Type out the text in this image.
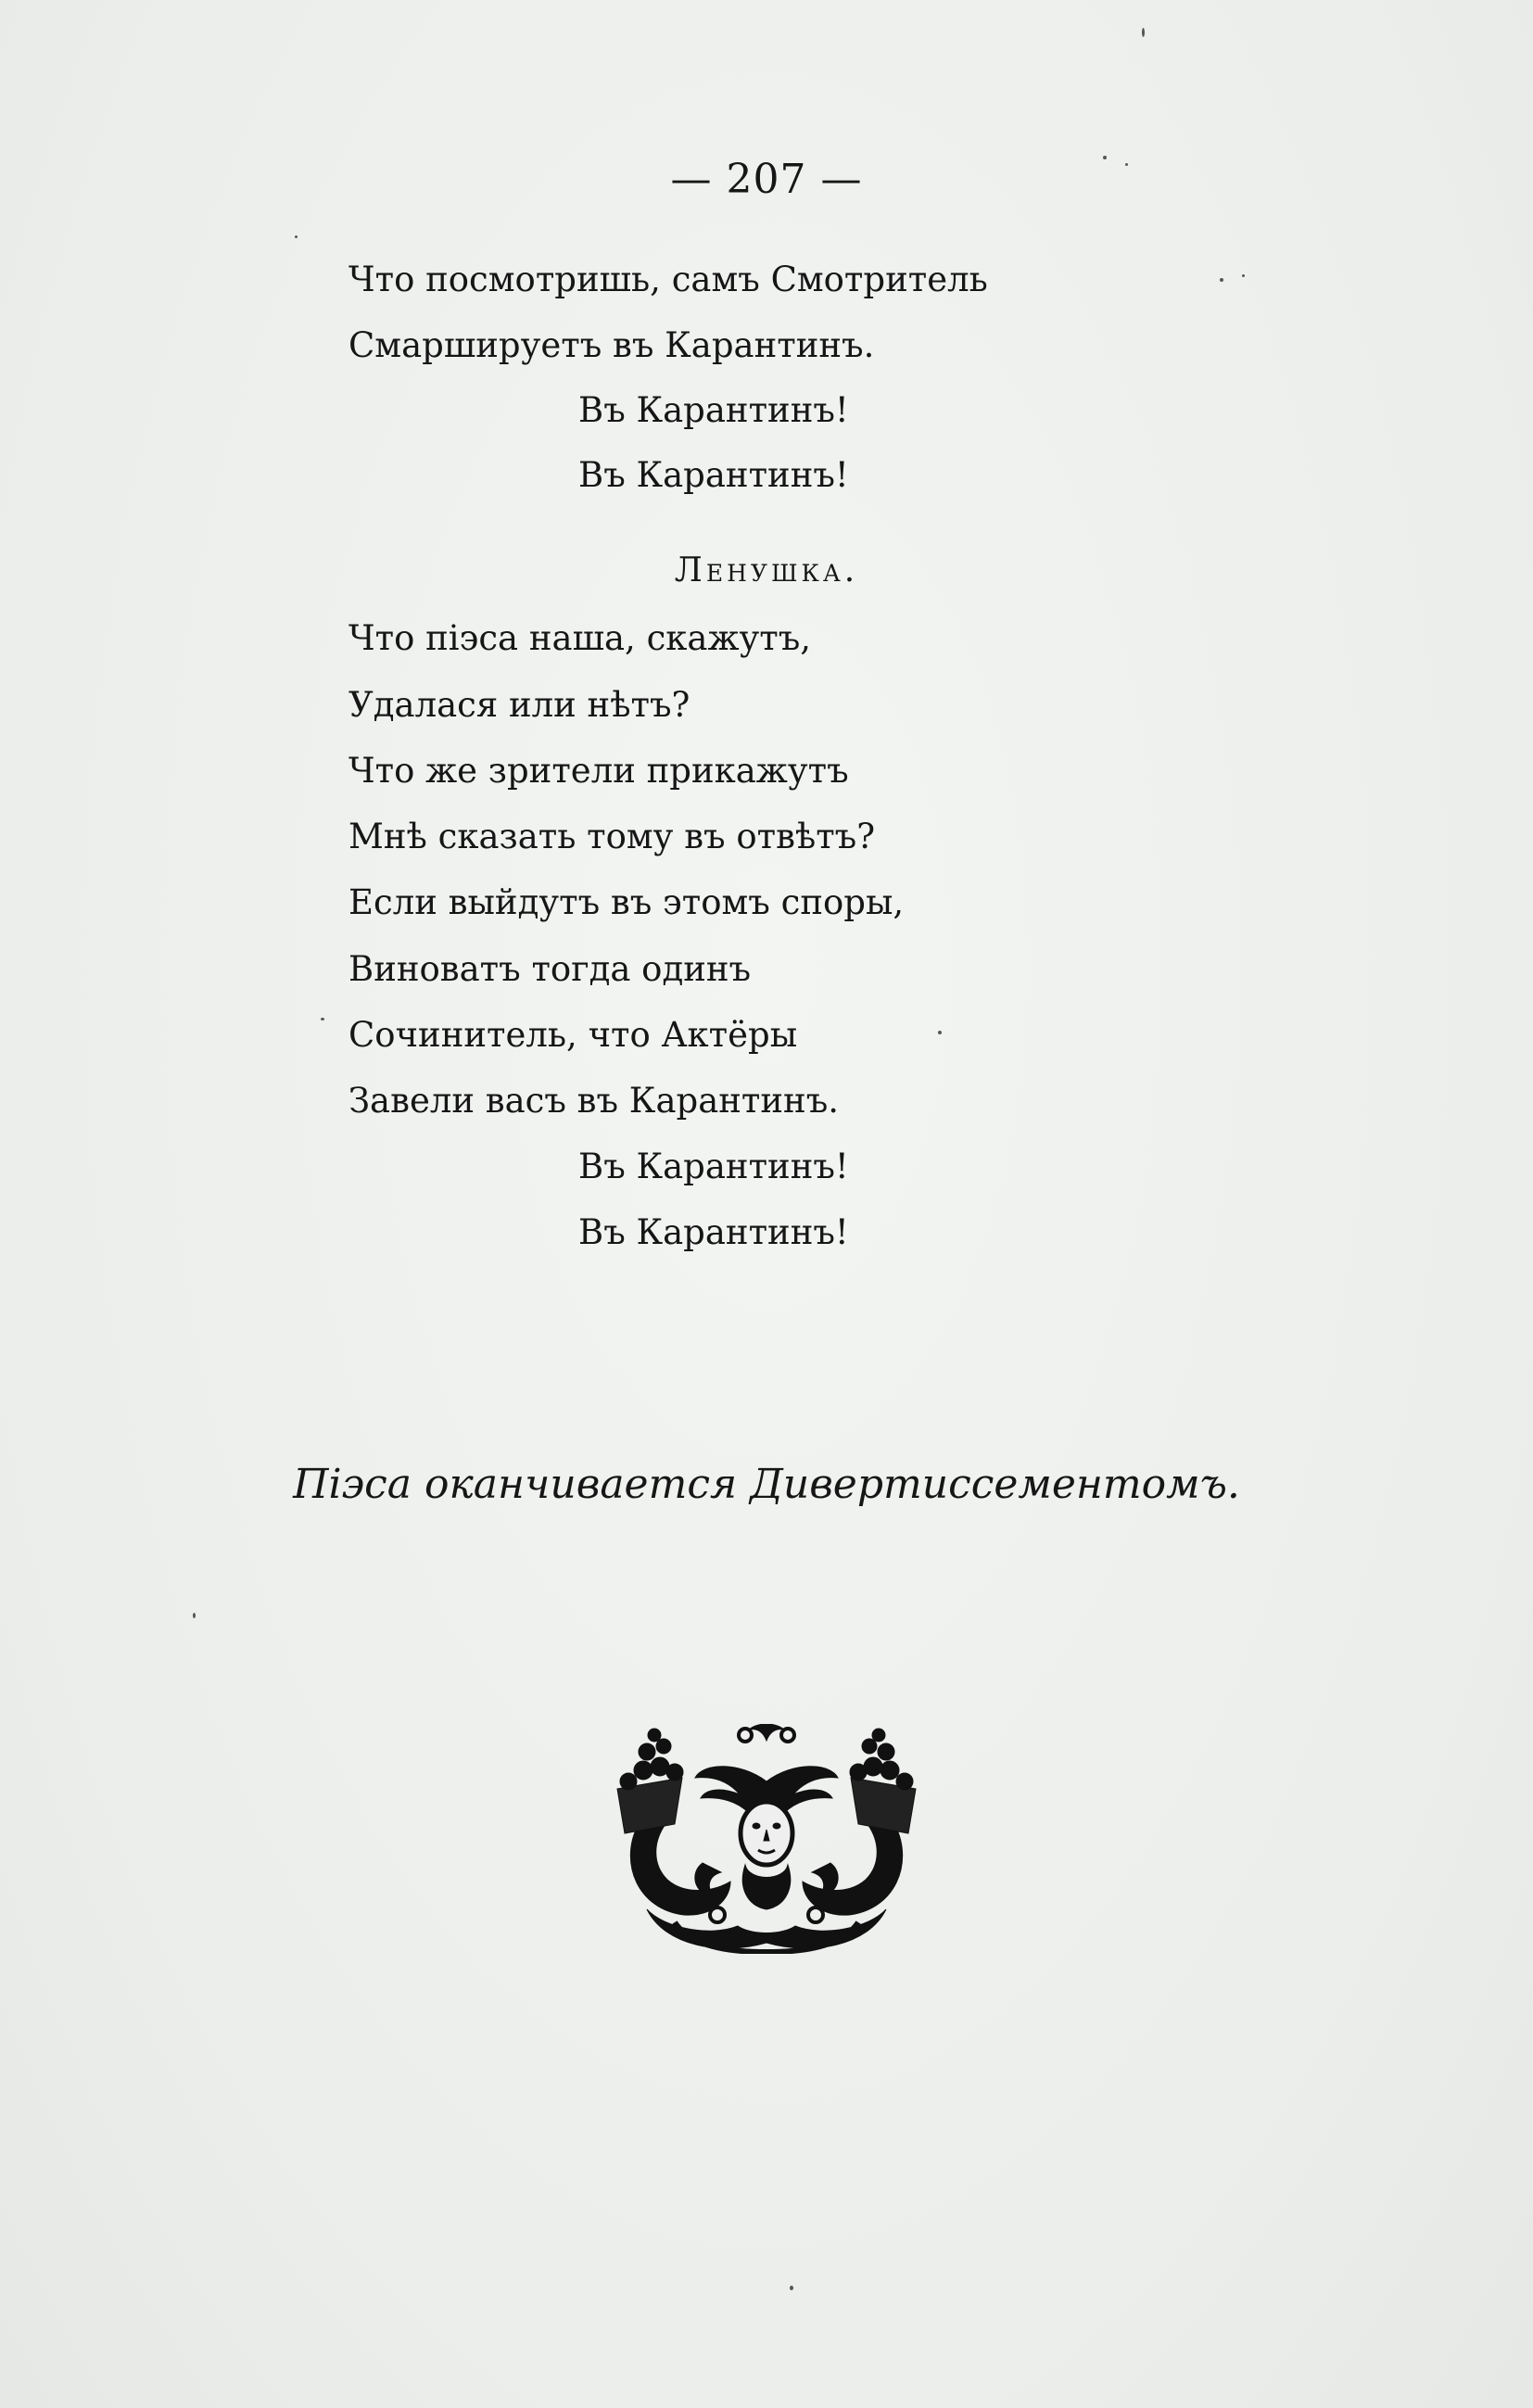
— 207 —
Что посмотришь, самъ Смотритель
Смаршируетъ въ Карантинъ.
Въ Карантинъ!
Въ Карантинъ!
Ленушка.
Что піэса наша, скажутъ,
Удалася или нѣтъ?
Что же зрители прикажутъ
Мнѣ сказать тому въ отвѣтъ?
Если выйдутъ въ этомъ споры,
Виноватъ тогда одинъ
Сочинитель, что Актёры
Завели васъ въ Карантинъ.
Въ Карантинъ!
Въ Карантинъ!
Піэса оканчивается Дивертиссементомъ.
